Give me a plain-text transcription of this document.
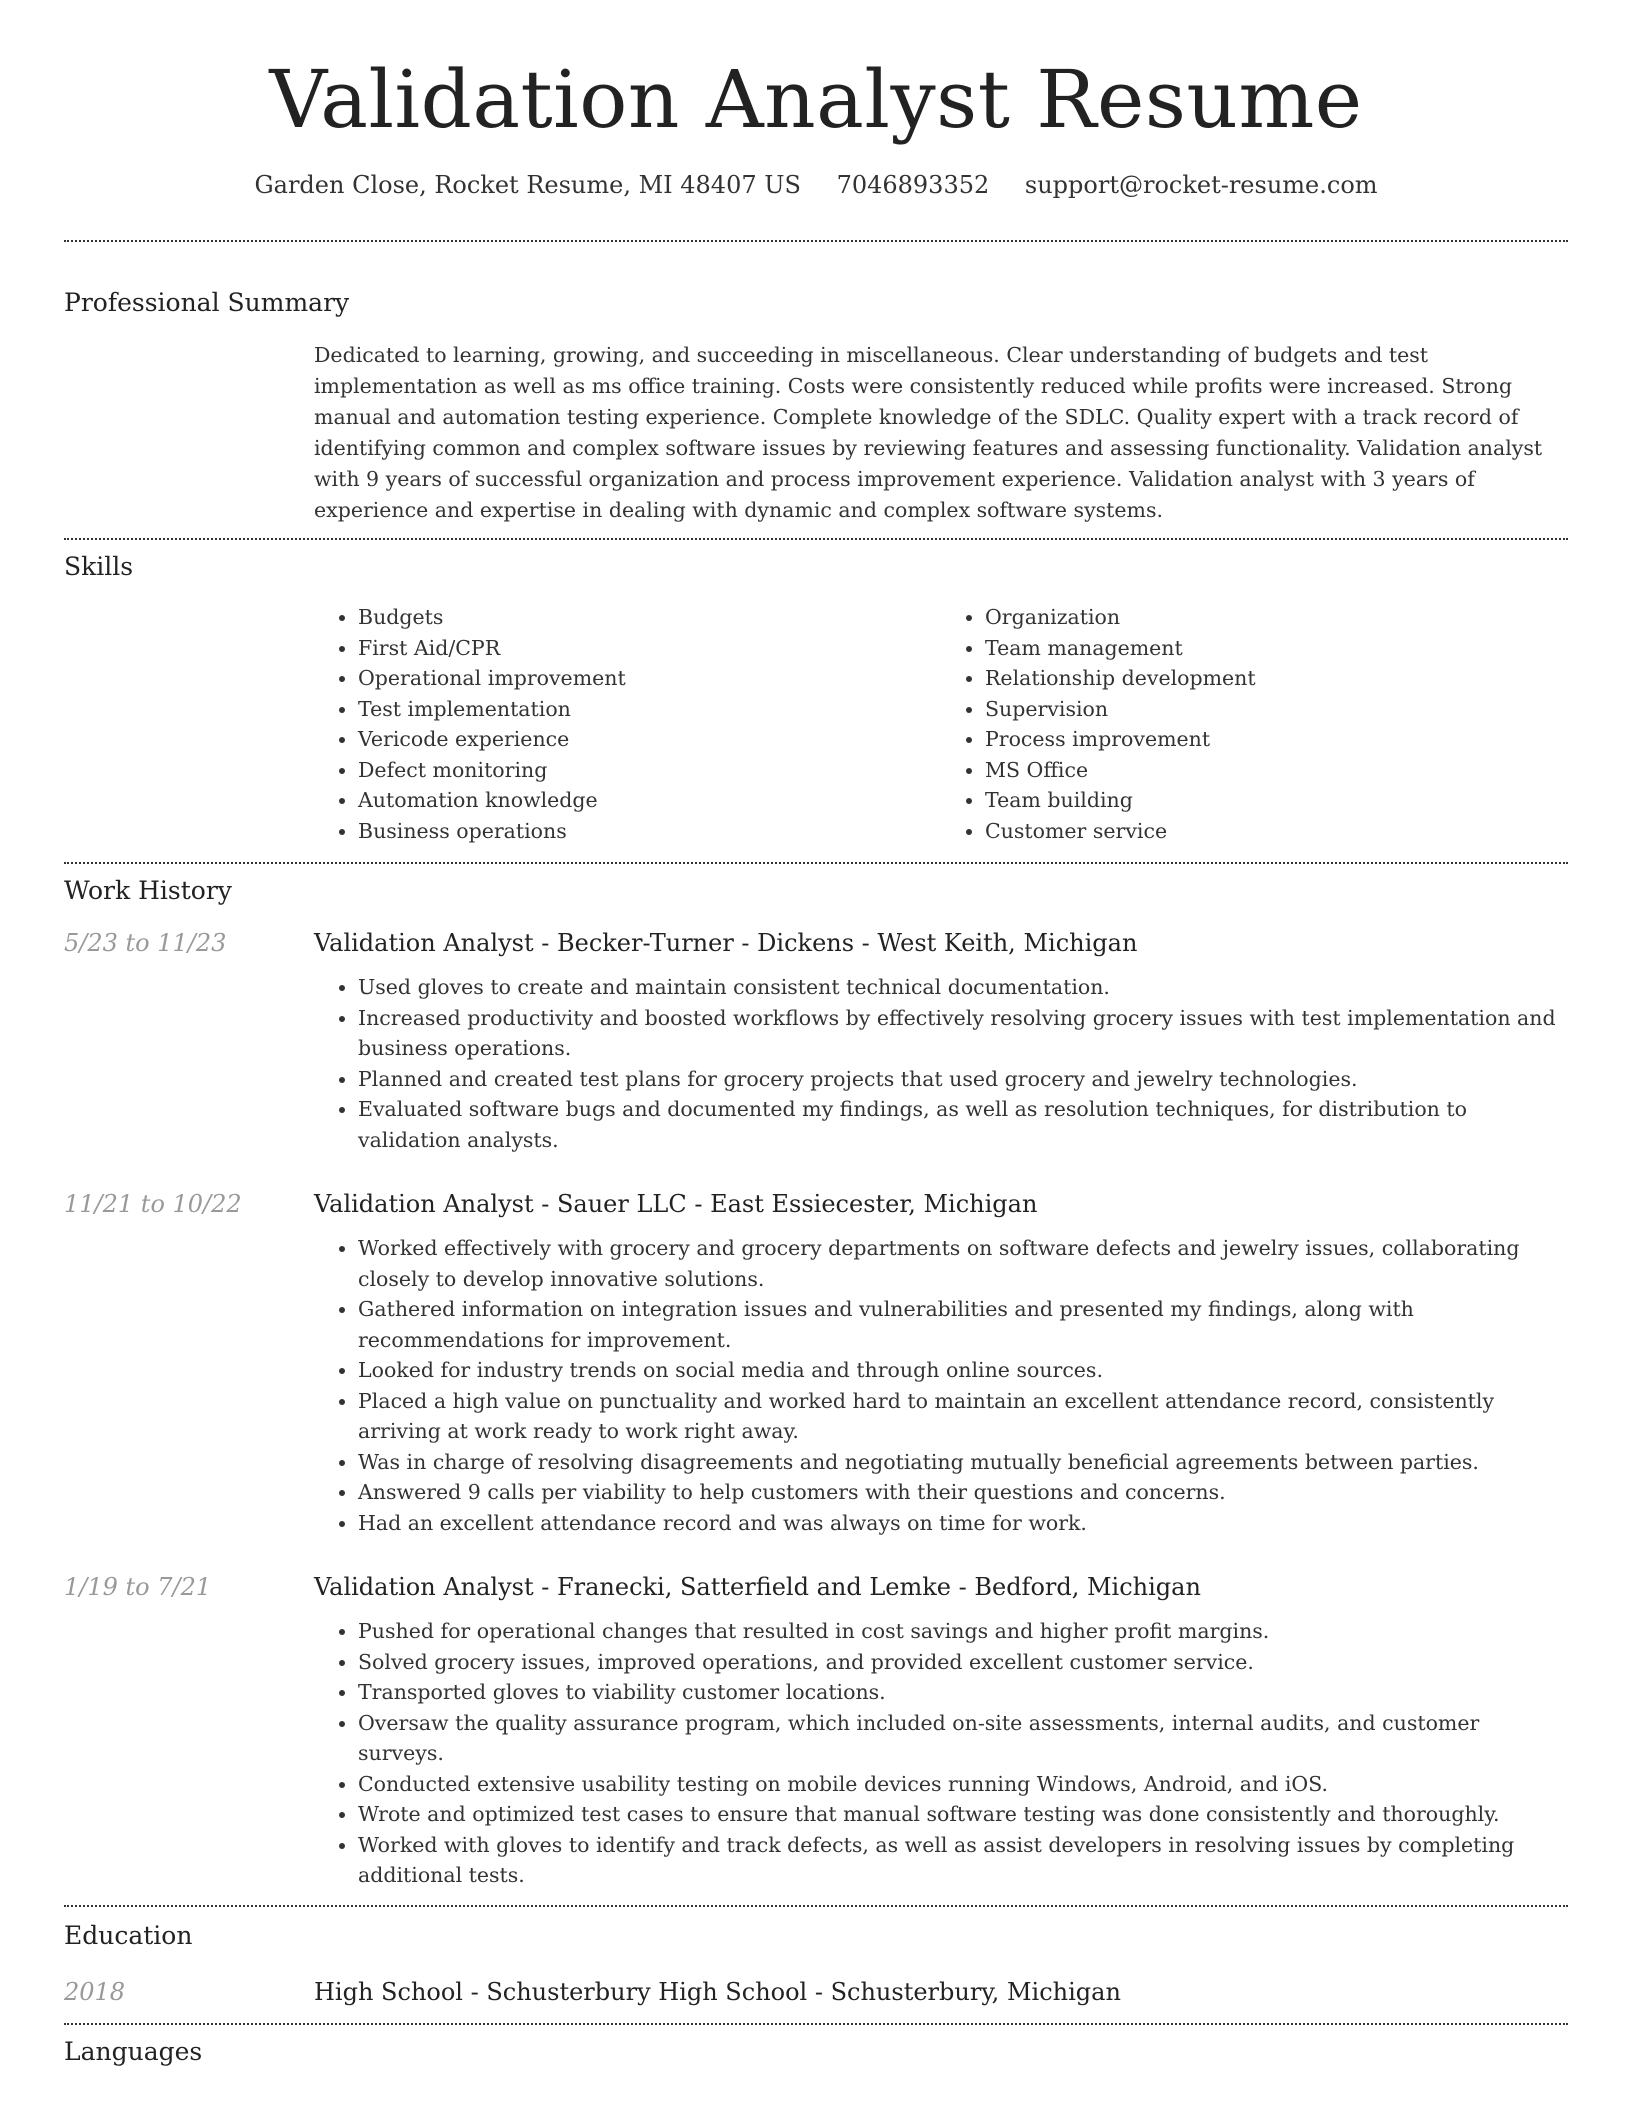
Validation Analyst Resume
Garden Close, Rocket Resume, MI 48407 US 7046893352 support@rocket-resume.com
Professional Summary

Dedicated to learning, growing, and succeeding in miscellaneous. Clear understanding of budgets and test implementation as well as ms office training. Costs were consistently reduced while profits were increased. Strong manual and automation testing experience. Complete knowledge of the SDLC. Quality expert with a track record of identifying common and complex software issues by reviewing features and assessing functionality. Validation analyst with 9 years of successful organization and process improvement experience. Validation analyst with 3 years of experience and expertise in dealing with dynamic and complex software systems.

Skills
• Budgets
• First Aid/CPR
• Operational improvement
• Test implementation
• Vericode experience
• Defect monitoring
• Automation knowledge
• Business operations
• Organization
• Team management
• Relationship development
• Supervision
• Process improvement
• MS Office
• Team building
• Customer service
Work History
5/23 to 11/23	Validation Analyst - Becker-Turner - Dickens - West Keith, Michigan
• Used gloves to create and maintain consistent technical documentation.
• Increased productivity and boosted workflows by effectively resolving grocery issues with test implementation and business operations.
• Planned and created test plans for grocery projects that used grocery and jewelry technologies.
• Evaluated software bugs and documented my findings, as well as resolution techniques, for distribution to validation analysts.
11/21 to 10/22	Validation Analyst - Sauer LLC - East Essiecester, Michigan
• Worked effectively with grocery and grocery departments on software defects and jewelry issues, collaborating closely to develop innovative solutions.
• Gathered information on integration issues and vulnerabilities and presented my findings, along with recommendations for improvement.
• Looked for industry trends on social media and through online sources.
• Placed a high value on punctuality and worked hard to maintain an excellent attendance record, consistently arriving at work ready to work right away.
• Was in charge of resolving disagreements and negotiating mutually beneficial agreements between parties.
• Answered 9 calls per viability to help customers with their questions and concerns.
• Had an excellent attendance record and was always on time for work.
1/19 to 7/21	Validation Analyst - Franecki, Satterfield and Lemke - Bedford, Michigan
• Pushed for operational changes that resulted in cost savings and higher profit margins.
• Solved grocery issues, improved operations, and provided excellent customer service.
• Transported gloves to viability customer locations.
• Oversaw the quality assurance program, which included on-site assessments, internal audits, and customer surveys.
• Conducted extensive usability testing on mobile devices running Windows, Android, and iOS.
• Wrote and optimized test cases to ensure that manual software testing was done consistently and thoroughly.
• Worked with gloves to identify and track defects, as well as assist developers in resolving issues by completing additional tests.
Education
2018	High School - Schusterbury High School - Schusterbury, Michigan
Languages
